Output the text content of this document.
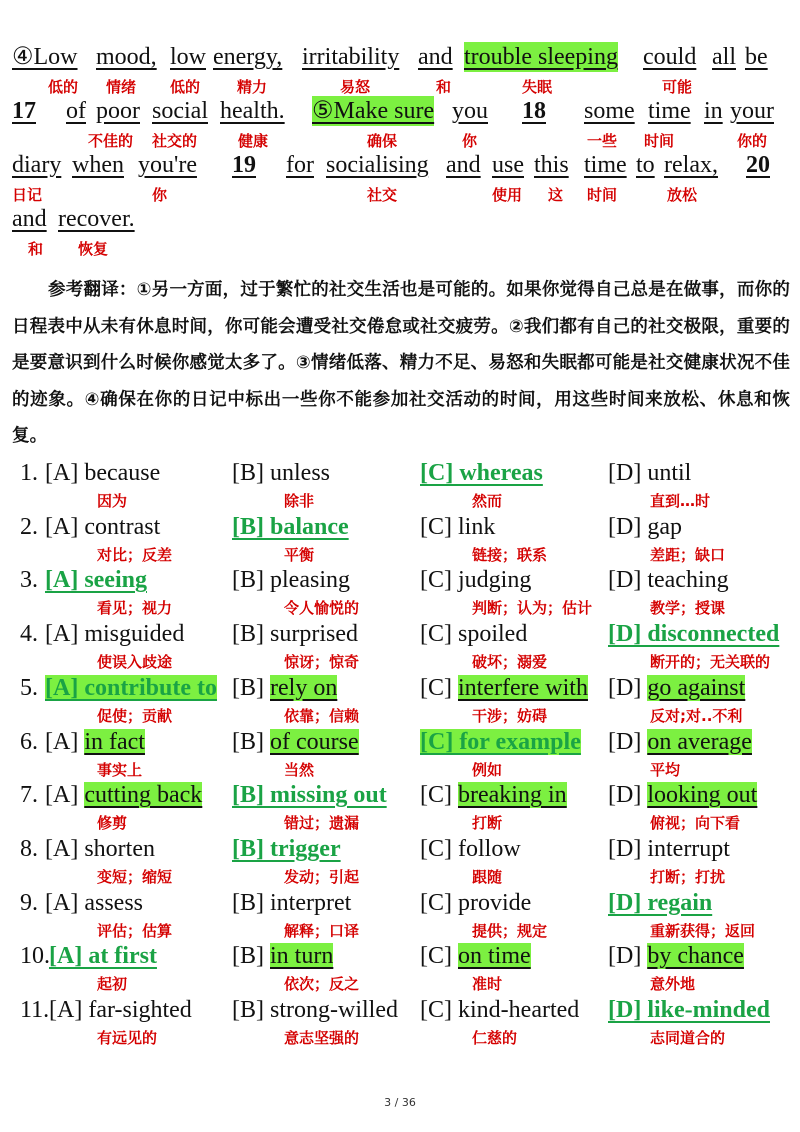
④Low mood, low energy, irritability and trouble sleeping could all be
低的 情绪 低的 精力	易怒	和	失眠	可能
17 of poor social health. ⑤Make sure you 18 some time in your
不佳的 社交的	健康	确保	你	一些 时间	你的
diary when you're 19 for socialising and use this time to relax, 20
日记	你	社交	使用 这 时间	放松
and recover.
和 恢复
参考翻译：①另一方面，过于繁忙的社交生活也是可能的。如果你觉得自己总是在做事，而你的日程表中从未有休息时间，你可能会遭受社交倦怠或社交疲劳。②我们都有自己的社交极限，重要的是要意识到什么时候你感觉太多了。③情绪低落、精力不足、易怒和失眠都可能是社交健康状况不佳的迹象。④确保在你的日记中标出一些你不能参加社交活动的时间，用这些时间来放松、休息和恢复。
1. [A] because
因为
[B] unless
除非
[C] whereas
然而
[D] until
直到…时
2. [A] contrast
对比；反差
[B] balance
平衡
[C] link
链接；联系
[D] gap
差距；缺口
3. [A] seeing
看见；视力
[B] pleasing
令人愉悦的
[C] judging
判断；认为；估计
[D] teaching
教学；授课
4. [A] misguided
使误入歧途
[B] surprised
惊讶；惊奇
[C] spoiled
破坏；溺爱
[D] disconnected
断开的；无关联的
5. [A] contribute to
促使；贡献
[B] rely on
依靠；信赖
[C] interfere with
干涉；妨碍
[D] go against
反对;对..不利
6. [A] in fact
事实上
[B] of course
当然
[C] for example
例如
[D] on average
平均
7. [A] cutting back
修剪
[B] missing out
错过；遗漏
[C] breaking in
打断
[D] looking out
俯视；向下看
8. [A] shorten
变短；缩短
[B] trigger
发动；引起
[C] follow
跟随
[D] interrupt
打断；打扰
9. [A] assess
评估；估算
[B] interpret
解释；口译
[C] provide
提供；规定
[D] regain
重新获得；返回
10. [A] at first
起初
[B] in turn
依次；反之
[C] on time
准时
[D] by chance
意外地
11. [A] far-sighted
有远见的
[B] strong-willed
意志坚强的
[C] kind-hearted
仁慈的
[D] like-minded
志同道合的
3 / 36
